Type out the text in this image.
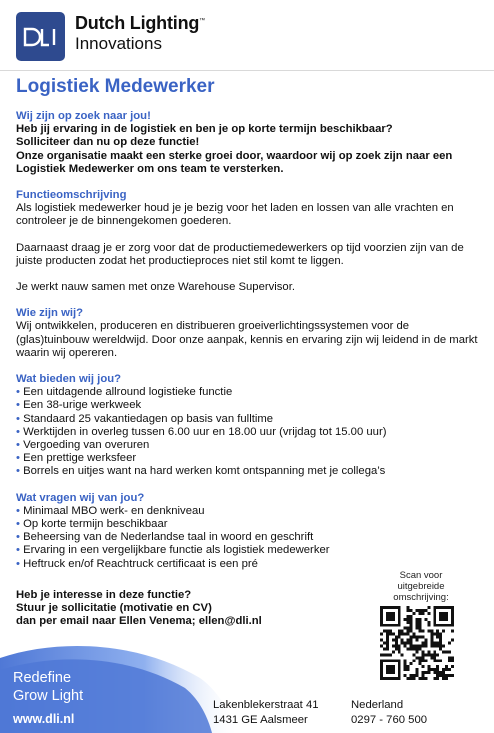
Dutch Lighting™
Innovations
Logistiek Medewerker
Wij zijn op zoek naar jou!
Heb jij ervaring in de logistiek en ben je op korte termijn beschikbaar?
Solliciteer dan nu op deze functie!
Onze organisatie maakt een sterke groei door, waardoor wij op zoek zijn naar een Logistiek Medewerker om ons team te versterken.
Functieomschrijving
Als logistiek medewerker houd je je bezig voor het laden en lossen van alle vrachten en controleer je de binnengekomen goederen.
Daarnaast draag je er zorg voor dat de productiemedewerkers op tijd voorzien zijn van de juiste producten zodat het productieproces niet stil komt te liggen.
Je werkt nauw samen met onze Warehouse Supervisor.
Wie zijn wij?
Wij ontwikkelen, produceren en distribueren groeiverlichtingssystemen voor de (glas)tuinbouw wereldwijd. Door onze aanpak, kennis en ervaring zijn wij leidend in de markt waarin wij opereren.
Wat bieden wij jou?
• Een uitdagende allround logistieke functie
• Een 38-urige werkweek
• Standaard 25 vakantiedagen op basis van fulltime
• Werktijden in overleg tussen 6.00 uur en 18.00 uur (vrijdag tot 15.00 uur)
• Vergoeding van overuren
• Een prettige werksfeer
• Borrels en uitjes want na hard werken komt ontspanning met je collega’s
Wat vragen wij van jou?
• Minimaal MBO werk- en denkniveau
• Op korte termijn beschikbaar
• Beheersing van de Nederlandse taal in woord en geschrift
• Ervaring in een vergelijkbare functie als logistiek medewerker
• Heftruck en/of Reachtruck certificaat is een pré
Heb je interesse in deze functie?
Stuur je sollicitatie (motivatie en CV)
dan per email naar Ellen Venema; ellen@dli.nl
Scan voor
uitgebreide
omschrijving:
Redefine
Grow Light
www.dli.nl
Lakenblekerstraat 41
1431 GE Aalsmeer
Nederland
0297 - 760 500
